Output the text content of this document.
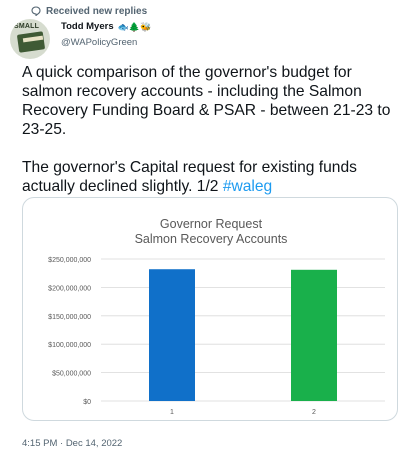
Received new replies
SMALL Todd Myers 🐟🌲🐝
@WAPolicyGreen

A quick comparison of the governor's budget for salmon recovery accounts - including the Salmon Recovery Funding Board & PSAR - between 21-23 to 23-25.

The governor's Capital request for existing funds actually declined slightly. 1/2 #waleg

Governor Request
Salmon Recovery Accounts
$0
$50,000,000
$100,000,000
$150,000,000
$200,000,000
$250,000,000
1	2
4:15 PM · Dec 14, 2022
